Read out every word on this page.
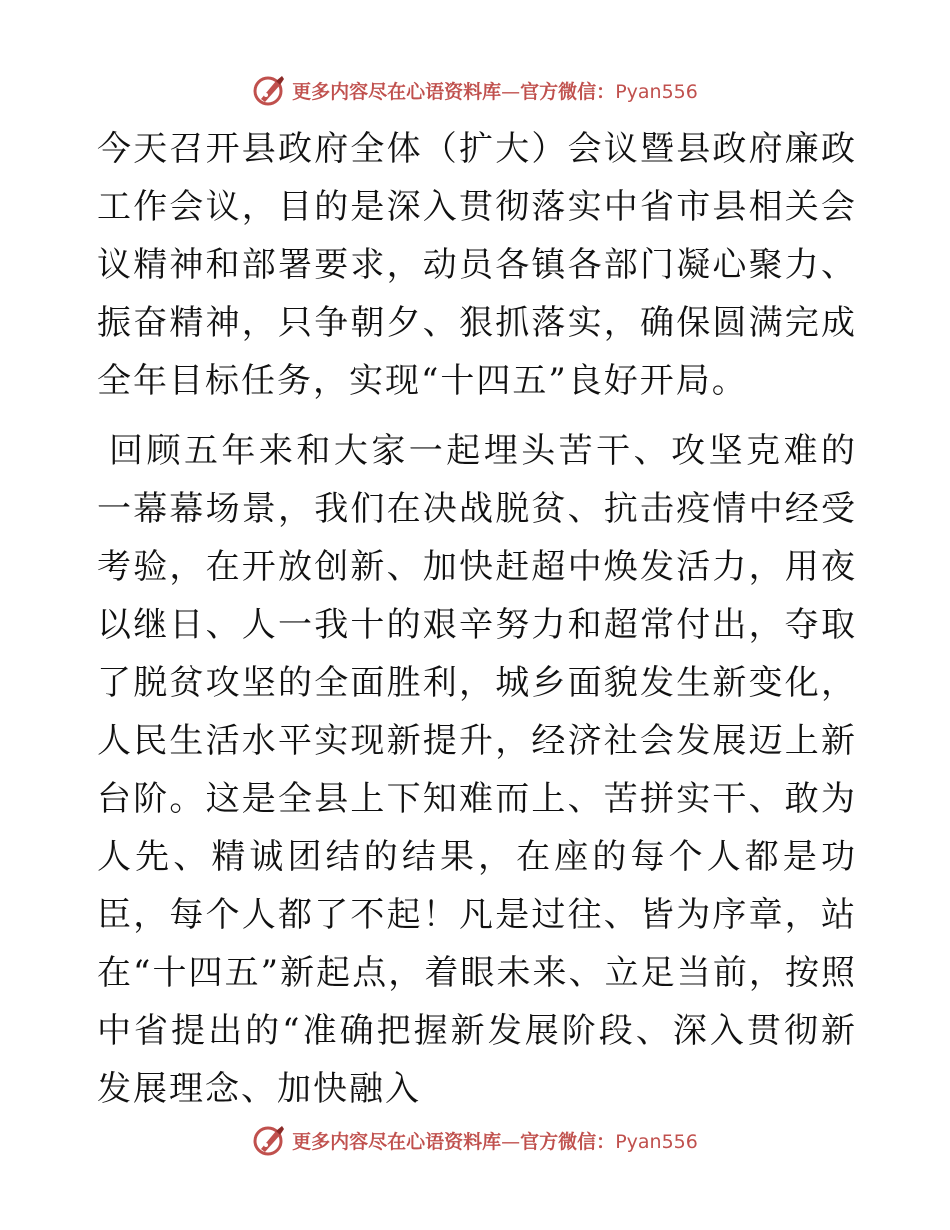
更多内容尽在心语资料库—官方微信：Pyan556

今天召开县政府全体（扩大）会议暨县政府廉政工作会议，目的是深入贯彻落实中省市县相关会议精神和部署要求，动员各镇各部门凝心聚力、振奋精神，只争朝夕、狠抓落实，确保圆满完成全年目标任务，实现“十四五”良好开局。

回顾五年来和大家一起埋头苦干、攻坚克难的一幕幕场景，我们在决战脱贫、抗击疫情中经受考验，在开放创新、加快赶超中焕发活力，用夜以继日、人一我十的艰辛努力和超常付出，夺取了脱贫攻坚的全面胜利，城乡面貌发生新变化，人民生活水平实现新提升，经济社会发展迈上新台阶。这是全县上下知难而上、苦拼实干、敢为人先、精诚团结的结果，在座的每个人都是功臣，每个人都了不起！凡是过往、皆为序章，站在“十四五”新起点，着眼未来、立足当前，按照中省提出的“准确把握新发展阶段、深入贯彻新发展理念、加快融入

更多内容尽在心语资料库—官方微信：Pyan556
